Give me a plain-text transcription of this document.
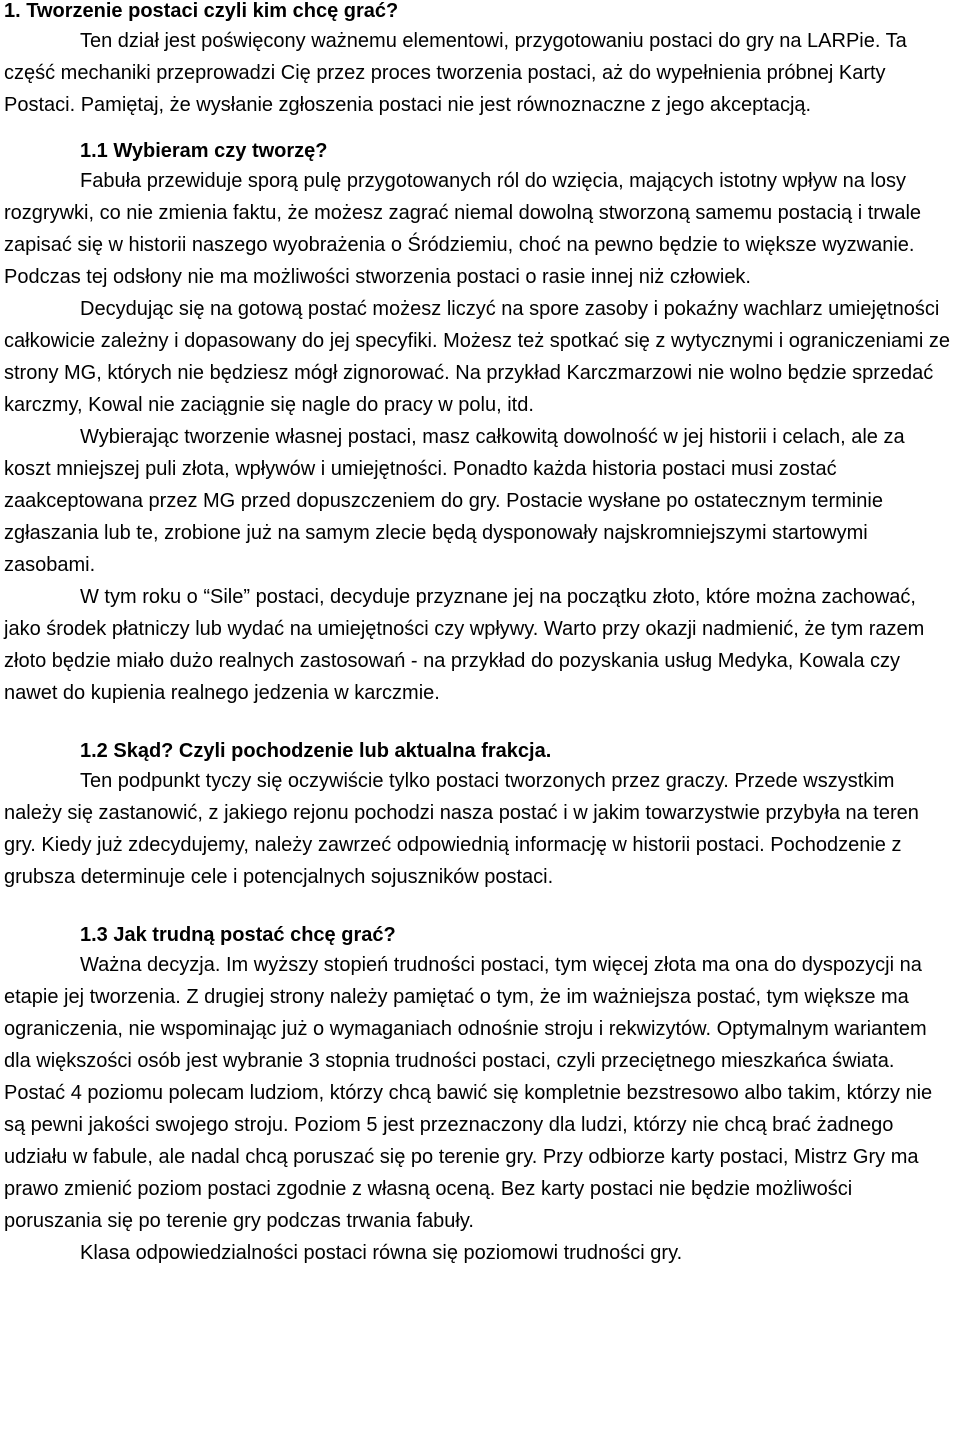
1. Tworzenie postaci czyli kim chcę grać?

Ten dział jest poświęcony ważnemu elementowi, przygotowaniu postaci do gry na LARPie. Ta część mechaniki przeprowadzi Cię przez proces tworzenia postaci, aż do wypełnienia próbnej Karty Postaci. Pamiętaj, że wysłanie zgłoszenia postaci nie jest równoznaczne z jego akceptacją.

1.1 Wybieram czy tworzę?

Fabuła przewiduje sporą pulę przygotowanych ról do wzięcia, mających istotny wpływ na losy rozgrywki, co nie zmienia faktu, że możesz zagrać niemal dowolną stworzoną samemu postacią i trwale zapisać się w historii naszego wyobrażenia o Śródziemiu, choć na pewno będzie to większe wyzwanie. Podczas tej odsłony nie ma możliwości stworzenia postaci o rasie innej niż człowiek.

Decydując się na gotową postać możesz liczyć na spore zasoby i pokaźny wachlarz umiejętności całkowicie zależny i dopasowany do jej specyfiki. Możesz też spotkać się z wytycznymi i ograniczeniami ze strony MG, których nie będziesz mógł zignorować. Na przykład Karczmarzowi nie wolno będzie sprzedać karczmy, Kowal nie zaciągnie się nagle do pracy w polu, itd.

Wybierając tworzenie własnej postaci, masz całkowitą dowolność w jej historii i celach, ale za koszt mniejszej puli złota, wpływów i umiejętności. Ponadto każda historia postaci musi zostać zaakceptowana przez MG przed dopuszczeniem do gry. Postacie wysłane po ostatecznym terminie zgłaszania lub te, zrobione już na samym zlecie będą dysponowały najskromniejszymi startowymi zasobami.

W tym roku o “Sile” postaci, decyduje przyznane jej na początku złoto, które można zachować, jako środek płatniczy lub wydać na umiejętności czy wpływy. Warto przy okazji nadmienić, że tym razem złoto będzie miało dużo realnych zastosowań - na przykład do pozyskania usług Medyka, Kowala czy nawet do kupienia realnego jedzenia w karczmie.

1.2 Skąd? Czyli pochodzenie lub aktualna frakcja.

Ten podpunkt tyczy się oczywiście tylko postaci tworzonych przez graczy. Przede wszystkim należy się zastanowić, z jakiego rejonu pochodzi nasza postać i w jakim towarzystwie przybyła na teren gry. Kiedy już zdecydujemy, należy zawrzeć odpowiednią informację w historii postaci. Pochodzenie z grubsza determinuje cele i potencjalnych sojuszników postaci.

1.3 Jak trudną postać chcę grać?

Ważna decyzja. Im wyższy stopień trudności postaci, tym więcej złota ma ona do dyspozycji na etapie jej tworzenia. Z drugiej strony należy pamiętać o tym, że im ważniejsza postać, tym większe ma ograniczenia, nie wspominając już o wymaganiach odnośnie stroju i rekwizytów. Optymalnym wariantem dla większości osób jest wybranie 3 stopnia trudności postaci, czyli przeciętnego mieszkańca świata. Postać 4 poziomu polecam ludziom, którzy chcą bawić się kompletnie bezstresowo albo takim, którzy nie są pewni jakości swojego stroju. Poziom 5 jest przeznaczony dla ludzi, którzy nie chcą brać żadnego udziału w fabule, ale nadal chcą poruszać się po terenie gry. Przy odbiorze karty postaci, Mistrz Gry ma prawo zmienić poziom postaci zgodnie z własną oceną. Bez karty postaci nie będzie możliwości poruszania się po terenie gry podczas trwania fabuły.

Klasa odpowiedzialności postaci równa się poziomowi trudności gry.
